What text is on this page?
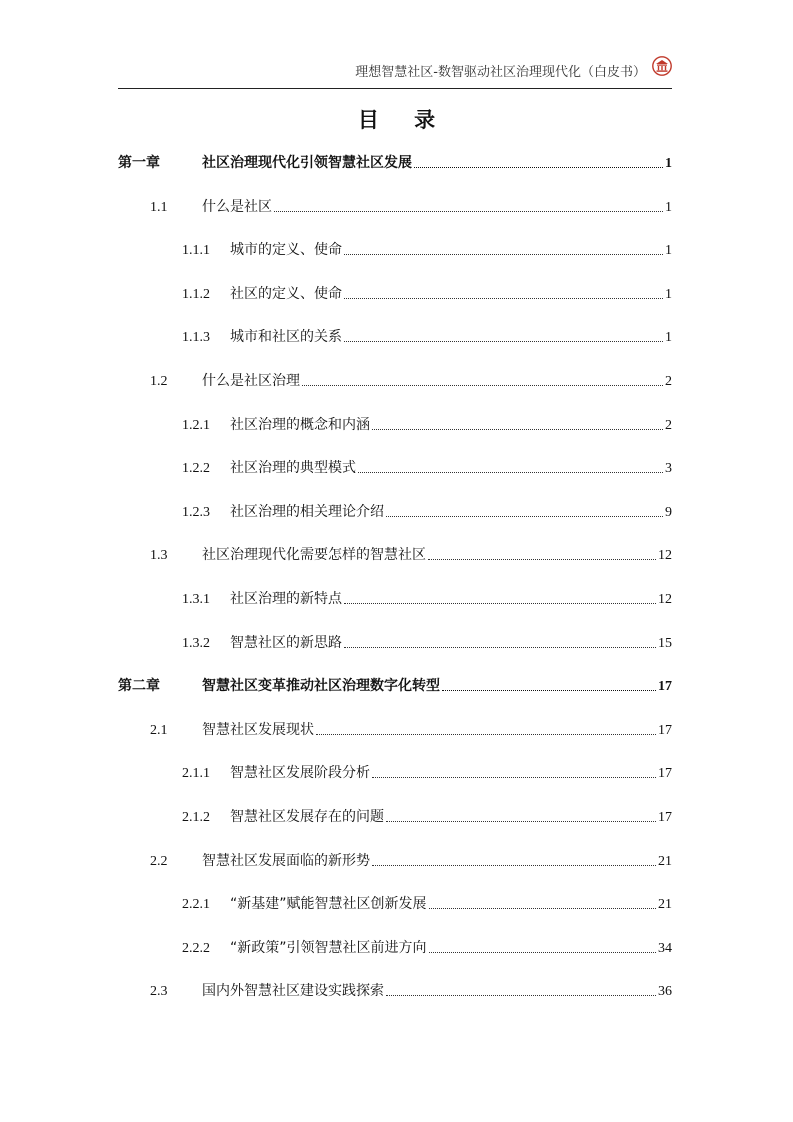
理想智慧社区-数智驱动社区治理现代化（白皮书）
目 录
第一章	社区治理现代化引领智慧社区发展	1
1.1	什么是社区	1
1.1.1	城市的定义、使命	1
1.1.2	社区的定义、使命	1
1.1.3	城市和社区的关系	1
1.2	什么是社区治理	2
1.2.1	社区治理的概念和内涵	2
1.2.2	社区治理的典型模式	3
1.2.3	社区治理的相关理论介绍	9
1.3	社区治理现代化需要怎样的智慧社区	12
1.3.1	社区治理的新特点	12
1.3.2	智慧社区的新思路	15
第二章	智慧社区变革推动社区治理数字化转型	17
2.1	智慧社区发展现状	17
2.1.1	智慧社区发展阶段分析	17
2.1.2	智慧社区发展存在的问题	17
2.2	智慧社区发展面临的新形势	21
2.2.1	“新基建”赋能智慧社区创新发展	21
2.2.2	“新政策”引领智慧社区前进方向	34
2.3	国内外智慧社区建设实践探索	36
